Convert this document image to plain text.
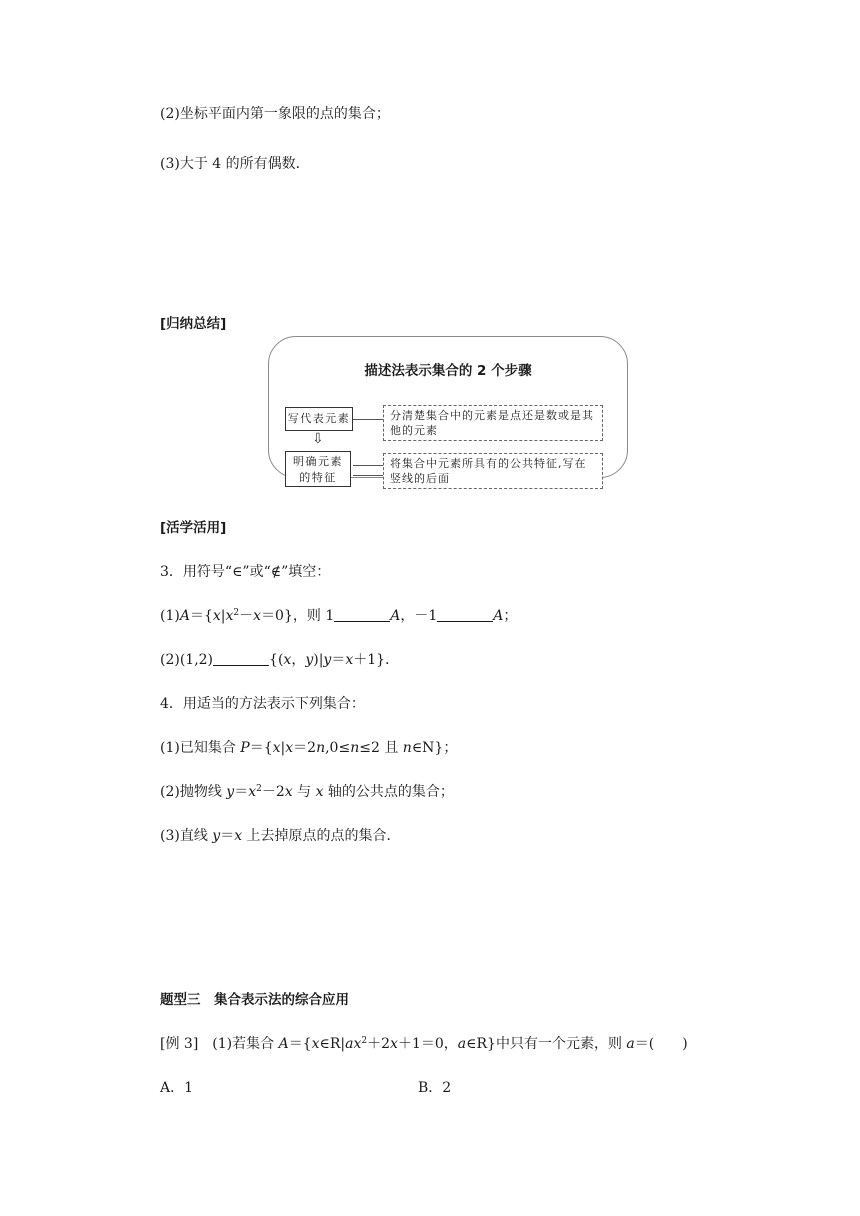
(2)坐标平面内第一象限的点的集合；
(3)大于 4 的所有偶数．
[归纳总结]
描述法表示集合的 2 个步骤
写代表元素	分清楚集合中的元素是点还是数或是其他的元素
⇩
明确元素的特征
将集合中元素所具有的公共特征,写在竖线的后面
[活学活用]
3．用符号“∈”或“∉”填空：
$(1)A=\{x|x^2-x=0\}$，则 1	A，－1	A；
(2)(1,2)	{(x，y)|y＝x＋1}．
4．用适当的方法表示下列集合：
(1)已知集合 P＝{x|x＝2n,0≤n≤2 且 n∈N}；
(2)抛物线 $y=x^2-2x$ 与 x 轴的公共点的集合；
(3)直线 y＝x 上去掉原点的点的集合．
题型三　集合表示法的综合应用
[例 3]　(1)若集合 $A=\{x\in R|ax^2+2x+1=0$，a∈R}中只有一个元素，则 a＝(　　)
A．1	B．2
